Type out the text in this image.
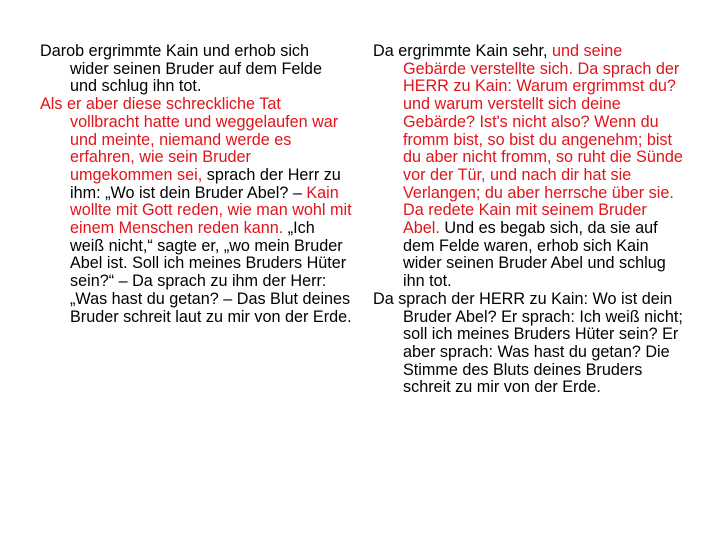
Darob ergrimmte Kain und erhob sich wider seinen Bruder auf dem Felde und schlug ihn tot.

Als er aber diese schreckliche Tat vollbracht hatte und weggelaufen war und meinte, niemand werde es erfahren, wie sein Bruder umgekommen sei, sprach der Herr zu ihm: „Wo ist dein Bruder Abel? – Kain wollte mit Gott reden, wie man wohl mit einem Menschen reden kann. „Ich weiß nicht,“ sagte er, „wo mein Bruder Abel ist. Soll ich meines Bruders Hüter sein?“ – Da sprach zu ihm der Herr: „Was hast du getan? – Das Blut deines Bruder schreit laut zu mir von der Erde.

Da ergrimmte Kain sehr, und seine Gebärde verstellte sich. Da sprach der HERR zu Kain: Warum ergrimmst du? und warum verstellt sich deine Gebärde? Ist's nicht also? Wenn du fromm bist, so bist du angenehm; bist du aber nicht fromm, so ruht die Sünde vor der Tür, und nach dir hat sie Verlangen; du aber herrsche über sie. Da redete Kain mit seinem Bruder Abel. Und es begab sich, da sie auf dem Felde waren, erhob sich Kain wider seinen Bruder Abel und schlug ihn tot.

Da sprach der HERR zu Kain: Wo ist dein Bruder Abel? Er sprach: Ich weiß nicht; soll ich meines Bruders Hüter sein? Er aber sprach: Was hast du getan? Die Stimme des Bluts deines Bruders schreit zu mir von der Erde.
